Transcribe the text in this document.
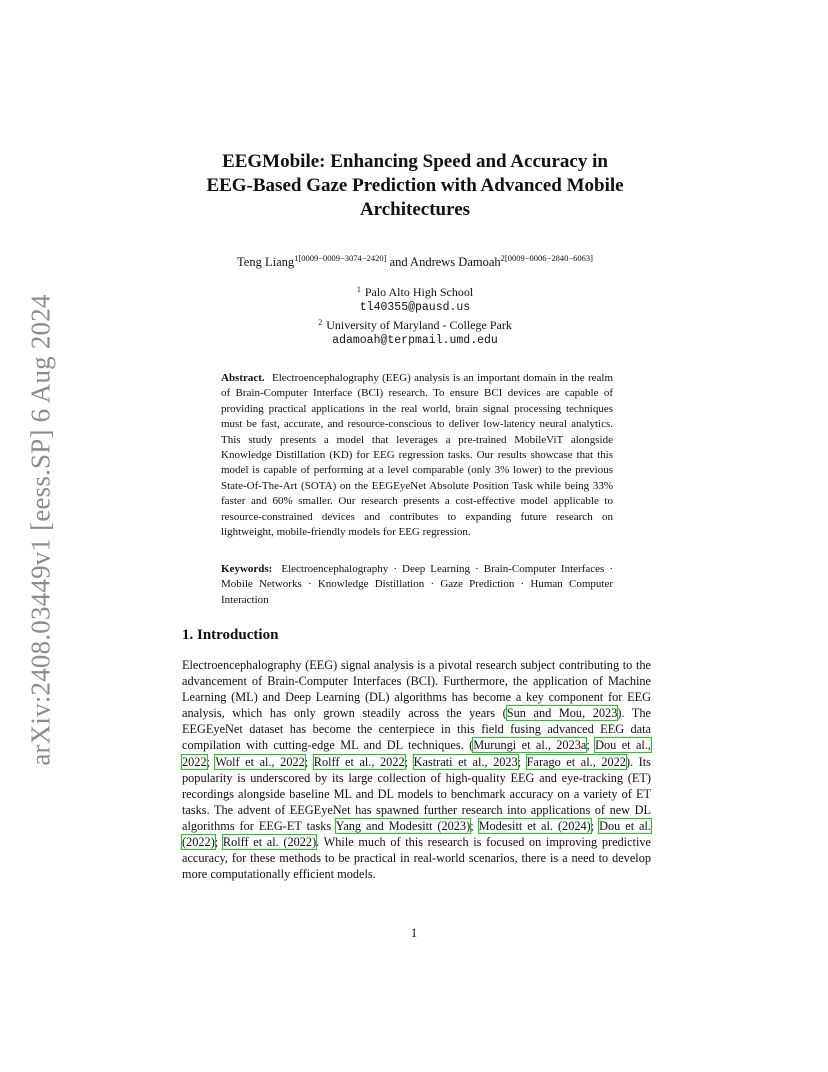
arXiv:2408.03449v1 [eess.SP] 6 Aug 2024
EEGMobile: Enhancing Speed and Accuracy in
EEG-Based Gaze Prediction with Advanced Mobile
Architectures
Teng Liang$^{1[0009-0009-3074-2420]}$ and Andrews Damoah$^{2[0009-0006-2840-6063]}$
$^1$ Palo Alto High School
tl40355@pausd.us
$^2$ University of Maryland - College Park
adamoah@terpmail.umd.edu
Abstract. Electroencephalography (EEG) analysis is an important domain in the realm of Brain-Computer Interface (BCI) research. To ensure BCI devices are capable of providing practical applications in the real world, brain signal processing techniques must be fast, accurate, and resource-conscious to deliver low-latency neural analytics. This study presents a model that leverages a pre-trained MobileViT alongside Knowledge Distillation (KD) for EEG regression tasks. Our results showcase that this model is capable of performing at a level comparable (only 3% lower) to the previous State-Of-The-Art (SOTA) on the EEGEyeNet Absolute Position Task while being 33% faster and 60% smaller. Our research presents a cost-effective model applicable to resource-constrained devices and contributes to expanding future research on lightweight, mobile-friendly models for EEG regression.
Keywords: Electroencephalography · Deep Learning · Brain-Computer Interfaces · Mobile Networks · Knowledge Distillation · Gaze Prediction · Human Computer Interaction
1. Introduction
Electroencephalography (EEG) signal analysis is a pivotal research subject contributing to the advancement of Brain-Computer Interfaces (BCI). Furthermore, the application of Machine Learning (ML) and Deep Learning (DL) algorithms has become a key component for EEG analysis, which has only grown steadily across the years (Sun and Mou, 2023). The EEGEyeNet dataset has become the centerpiece in this field fusing advanced EEG data compilation with cutting-edge ML and DL techniques. (Murungi et al., 2023a; Dou et al., 2022; Wolf et al., 2022; Rolff et al., 2022; Kastrati et al., 2023; Farago et al., 2022). Its popularity is underscored by its large collection of high-quality EEG and eye-tracking (ET) recordings alongside baseline ML and DL models to benchmark accuracy on a variety of ET tasks. The advent of EEGEyeNet has spawned further research into applications of new DL algorithms for EEG-ET tasks Yang and Modesitt (2023); Modesitt et al. (2024); Dou et al. (2022); Rolff et al. (2022). While much of this research is focused on improving predictive accuracy, for these methods to be practical in real-world scenarios, there is a need to develop more computationally efficient models.
1
